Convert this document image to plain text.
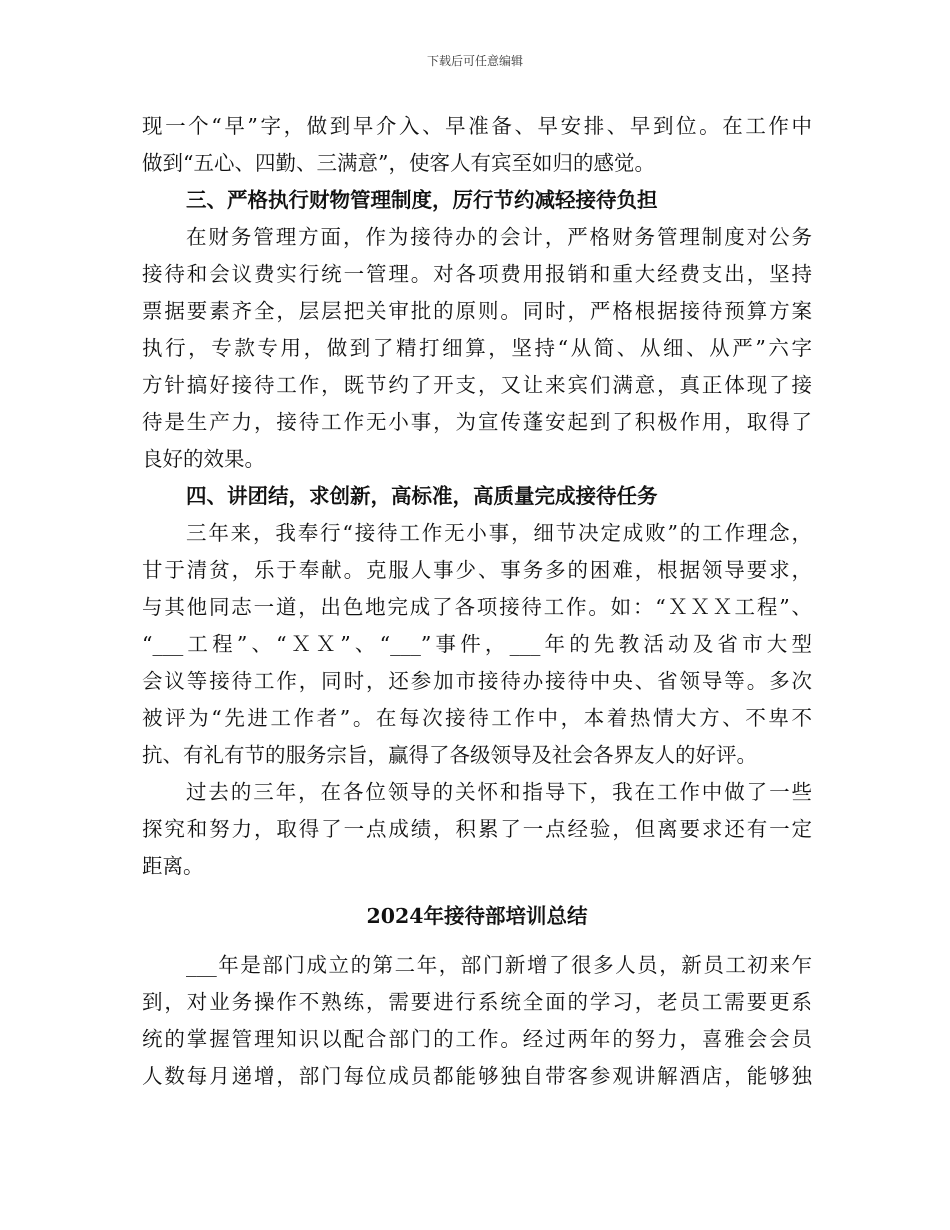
下载后可任意编辑
现一个“早”字，做到早介入、早准备、早安排、早到位。在工作中
做到“五心、四勤、三满意”，使客人有宾至如归的感觉。
三、严格执行财物管理制度，厉行节约减轻接待负担
在财务管理方面，作为接待办的会计，严格财务管理制度对公务
接待和会议费实行统一管理。对各项费用报销和重大经费支出，坚持
票据要素齐全，层层把关审批的原则。同时，严格根据接待预算方案
执行，专款专用，做到了精打细算，坚持“从简、从细、从严”六字
方针搞好接待工作，既节约了开支，又让来宾们满意，真正体现了接
待是生产力，接待工作无小事，为宣传蓬安起到了积极作用，取得了
良好的效果。
四、讲团结，求创新，高标准，高质量完成接待任务
三年来，我奉行“接待工作无小事，细节决定成败”的工作理念，
甘于清贫，乐于奉献。克服人事少、事务多的困难，根据领导要求，
与其他同志一道，出色地完成了各项接待工作。如：“ＸＸＸ工程”、
“___工程”、“ＸＸ”、“___”事件，___年的先教活动及省市大型
会议等接待工作，同时，还参加市接待办接待中央、省领导等。多次
被评为“先进工作者”。在每次接待工作中，本着热情大方、不卑不
抗、有礼有节的服务宗旨，赢得了各级领导及社会各界友人的好评。
过去的三年，在各位领导的关怀和指导下，我在工作中做了一些
探究和努力，取得了一点成绩，积累了一点经验，但离要求还有一定
距离。
2024年接待部培训总结
___年是部门成立的第二年，部门新增了很多人员，新员工初来乍
到，对业务操作不熟练，需要进行系统全面的学习，老员工需要更系
统的掌握管理知识以配合部门的工作。经过两年的努力，喜雅会会员
人数每月递增，部门每位成员都能够独自带客参观讲解酒店，能够独
